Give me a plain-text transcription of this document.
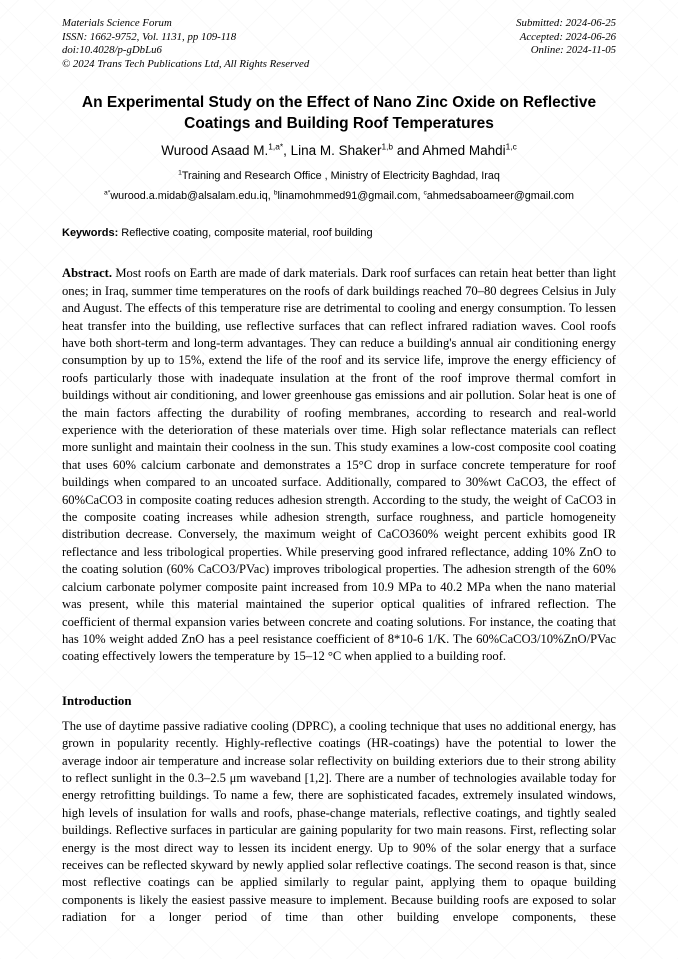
Materials Science Forum
ISSN: 1662-9752, Vol. 1131, pp 109-118
doi:10.4028/p-gDbLu6
© 2024 Trans Tech Publications Ltd, All Rights Reserved
Submitted: 2024-06-25
Accepted: 2024-06-26
Online: 2024-11-05
An Experimental Study on the Effect of Nano Zinc Oxide on Reflective Coatings and Building Roof Temperatures
Wurood Asaad M.$^{1,a*}$, Lina M. Shaker$^{1,b}$ and Ahmed Mahdi$^{1,c}$
$^1$Training and Research Office , Ministry of Electricity Baghdad, Iraq
$^{a*}$wurood.a.midab@alsalam.edu.iq, $^b$linamohmmed91@gmail.com, $^c$ahmedsaboameer@gmail.com
Keywords: Reflective coating, composite material, roof building
Abstract. Most roofs on Earth are made of dark materials. Dark roof surfaces can retain heat better than light ones; in Iraq, summer time temperatures on the roofs of dark buildings reached 70–80 degrees Celsius in July and August. The effects of this temperature rise are detrimental to cooling and energy consumption. To lessen heat transfer into the building, use reflective surfaces that can reflect infrared radiation waves. Cool roofs have both short-term and long-term advantages. They can reduce a building's annual air conditioning energy consumption by up to 15%, extend the life of the roof and its service life, improve the energy efficiency of roofs particularly those with inadequate insulation at the front of the roof improve thermal comfort in buildings without air conditioning, and lower greenhouse gas emissions and air pollution. Solar heat is one of the main factors affecting the durability of roofing membranes, according to research and real-world experience with the deterioration of these materials over time. High solar reflectance materials can reflect more sunlight and maintain their coolness in the sun. This study examines a low-cost composite cool coating that uses 60% calcium carbonate and demonstrates a 15°C drop in surface concrete temperature for roof buildings when compared to an uncoated surface. Additionally, compared to 30%wt CaCO3, the effect of 60%CaCO3 in composite coating reduces adhesion strength. According to the study, the weight of CaCO3 in the composite coating increases while adhesion strength, surface roughness, and particle homogeneity distribution decrease. Conversely, the maximum weight of CaCO360% weight percent exhibits good IR reflectance and less tribological properties. While preserving good infrared reflectance, adding 10% ZnO to the coating solution (60% CaCO3/PVac) improves tribological properties. The adhesion strength of the 60% calcium carbonate polymer composite paint increased from 10.9 MPa to 40.2 MPa when the nano material was present, while this material maintained the superior optical qualities of infrared reflection. The coefficient of thermal expansion varies between concrete and coating solutions. For instance, the coating that has 10% weight added ZnO has a peel resistance coefficient of 8*10-6 1/K. The 60%CaCO3/10%ZnO/PVac coating effectively lowers the temperature by 15–12 °C when applied to a building roof.
Introduction
The use of daytime passive radiative cooling (DPRC), a cooling technique that uses no additional energy, has grown in popularity recently. Highly-reflective coatings (HR-coatings) have the potential to lower the average indoor air temperature and increase solar reflectivity on building exteriors due to their strong ability to reflect sunlight in the 0.3–2.5 μm waveband [1,2]. There are a number of technologies available today for energy retrofitting buildings. To name a few, there are sophisticated facades, extremely insulated windows, high levels of insulation for walls and roofs, phase-change materials, reflective coatings, and tightly sealed buildings. Reflective surfaces in particular are gaining popularity for two main reasons. First, reflecting solar energy is the most direct way to lessen its incident energy. Up to 90% of the solar energy that a surface receives can be reflected skyward by newly applied solar reflective coatings. The second reason is that, since most reflective coatings can be applied similarly to regular paint, applying them to opaque building components is likely the easiest passive measure to implement. Because building roofs are exposed to solar radiation for a longer period of time than other building envelope components, these
